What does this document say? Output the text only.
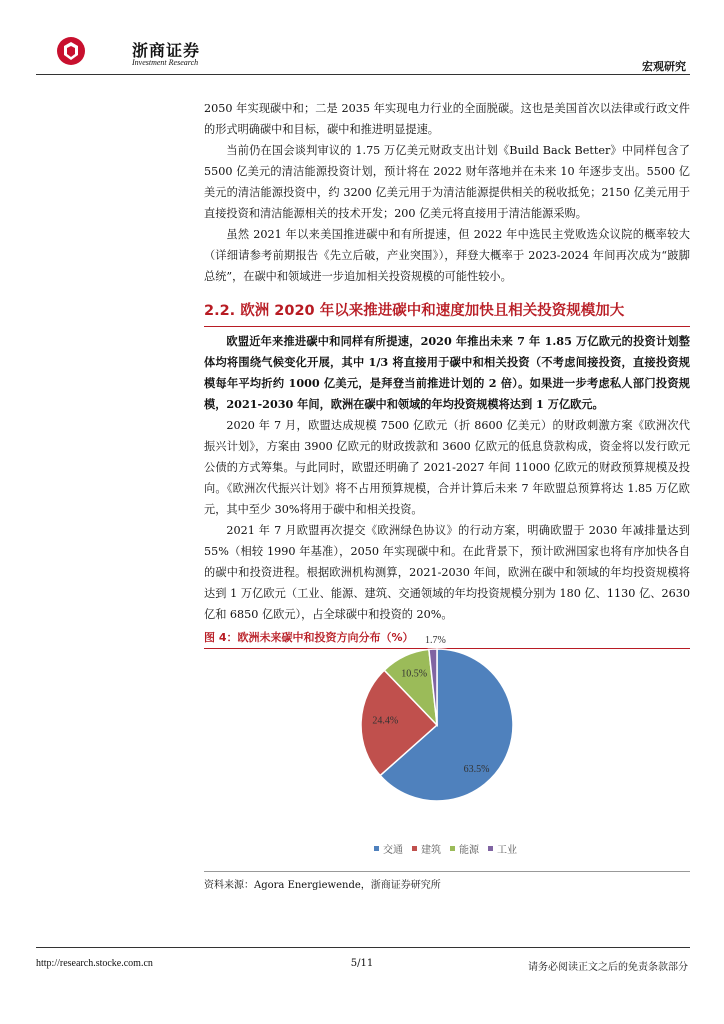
浙商证券
Investment Research	宏观研究

2050 年实现碳中和；二是 2035 年实现电力行业的全面脱碳。这也是美国首次以法律或行政文件的形式明确碳中和目标，碳中和推进明显提速。

当前仍在国会谈判审议的 1.75 万亿美元财政支出计划《Build Back Better》中同样包含了 5500 亿美元的清洁能源投资计划，预计将在 2022 财年落地并在未来 10 年逐步支出。5500 亿美元的清洁能源投资中，约 3200 亿美元用于为清洁能源提供相关的税收抵免；2150 亿美元用于直接投资和清洁能源相关的技术开发；200 亿美元将直接用于清洁能源采购。

虽然 2021 年以来美国推进碳中和有所提速，但 2022 年中选民主党败选众议院的概率较大（详细请参考前期报告《先立后破，产业突围》），拜登大概率于 2023-2024 年间再次成为“跛脚总统”，在碳中和领域进一步追加相关投资规模的可能性较小。

2.2. 欧洲 2020 年以来推进碳中和速度加快且相关投资规模加大

欧盟近年来推进碳中和同样有所提速，2020 年推出未来 7 年 1.85 万亿欧元的投资计划整体均将围绕气候变化开展，其中 1/3 将直接用于碳中和相关投资（不考虑间接投资，直接投资规模每年平均折约 1000 亿美元，是拜登当前推进计划的 2 倍）。如果进一步考虑私人部门投资规模，2021-2030 年间，欧洲在碳中和领域的年均投资规模将达到 1 万亿欧元。

2020 年 7 月，欧盟达成规模 7500 亿欧元（折 8600 亿美元）的财政刺激方案《欧洲次代振兴计划》，方案由 3900 亿欧元的财政拨款和 3600 亿欧元的低息贷款构成，资金将以发行欧元公债的方式筹集。与此同时，欧盟还明确了 2021-2027 年间 11000 亿欧元的财政预算规模及投向。《欧洲次代振兴计划》将不占用预算规模，合并计算后未来 7 年欧盟总预算将达 1.85 万亿欧元，其中至少 30%将用于碳中和相关投资。

2021 年 7 月欧盟再次提交《欧洲绿色协议》的行动方案，明确欧盟于 2030 年减排量达到 55%（相较 1990 年基准），2050 年实现碳中和。在此背景下，预计欧洲国家也将有序加快各自的碳中和投资进程。根据欧洲机构测算，2021-2030 年间，欧洲在碳中和领域的年均投资规模将达到 1 万亿欧元（工业、能源、建筑、交通领域的年均投资规模分别为 180 亿、1130 亿、2630 亿和 6850 亿欧元），占全球碳中和投资的 20%。

图 4：欧洲未来碳中和投资方向分布（%）
63.5%
24.4%
10.5%
1.7%
交通 建筑 能源 工业
资料来源：Agora Energiewende，浙商证券研究所
http://research.stocke.com.cn	5/11	请务必阅读正文之后的免责条款部分
